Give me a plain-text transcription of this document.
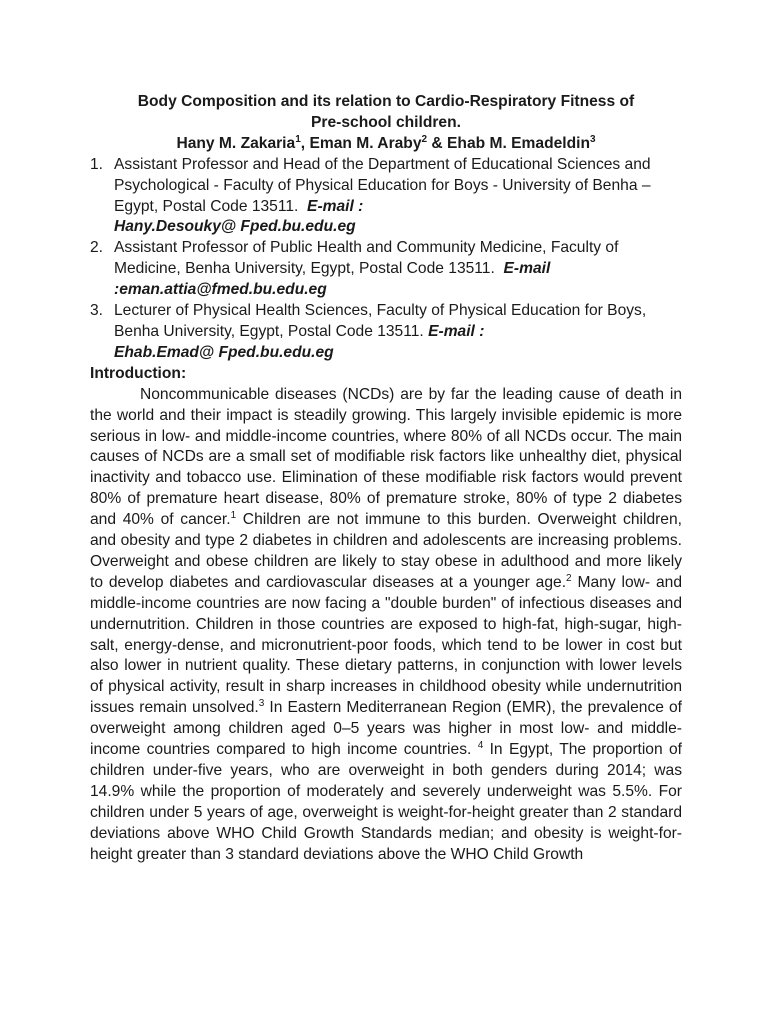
Body Composition and its relation to Cardio-Respiratory Fitness of
Pre-school children.

Hany M. Zakaria$^1$, Eman M. Araby$^2$ & Ehab M. Emadeldin$^3$

1. Assistant Professor and Head of the Department of Educational Sciences and Psychological - Faculty of Physical Education for Boys - University of Benha – Egypt, Postal Code 13511. E-mail :
Hany.Desouky@ Fped.bu.edu.eg
2. Assistant Professor of Public Health and Community Medicine, Faculty of Medicine, Benha University, Egypt, Postal Code 13511. E-mail
:eman.attia@fmed.bu.edu.eg
3. Lecturer of Physical Health Sciences, Faculty of Physical Education for Boys, Benha University, Egypt, Postal Code 13511. E-mail :
Ehab.Emad@ Fped.bu.edu.eg

Introduction:

Noncommunicable diseases (NCDs) are by far the leading cause of death in the world and their impact is steadily growing. This largely invisible epidemic is more serious in low- and middle-income countries, where 80% of all NCDs occur. The main causes of NCDs are a small set of modifiable risk factors like unhealthy diet, physical inactivity and tobacco use. Elimination of these modifiable risk factors would prevent 80% of premature heart disease, 80% of premature stroke, 80% of type 2 diabetes and 40% of cancer.$^1$ Children are not immune to this burden. Overweight children, and obesity and type 2 diabetes in children and adolescents are increasing problems. Overweight and obese children are likely to stay obese in adulthood and more likely to develop diabetes and cardiovascular diseases at a younger age.$^2$ Many low- and middle-income countries are now facing a "double burden" of infectious diseases and undernutrition. Children in those countries are exposed to high-fat, high-sugar, high-salt, energy-dense, and micronutrient-poor foods, which tend to be lower in cost but also lower in nutrient quality. These dietary patterns, in conjunction with lower levels of physical activity, result in sharp increases in childhood obesity while undernutrition issues remain unsolved.$^3$ In Eastern Mediterranean Region (EMR), the prevalence of overweight among children aged 0–5 years was higher in most low- and middle-income countries compared to high income countries. $^4$ In Egypt, The proportion of children under-five years, who are overweight in both genders during 2014; was 14.9% while the proportion of moderately and severely underweight was 5.5%. For children under 5 years of age, overweight is weight-for-height greater than 2 standard deviations above WHO Child Growth Standards median; and obesity is weight-for-height greater than 3 standard deviations above the WHO Child Growth
